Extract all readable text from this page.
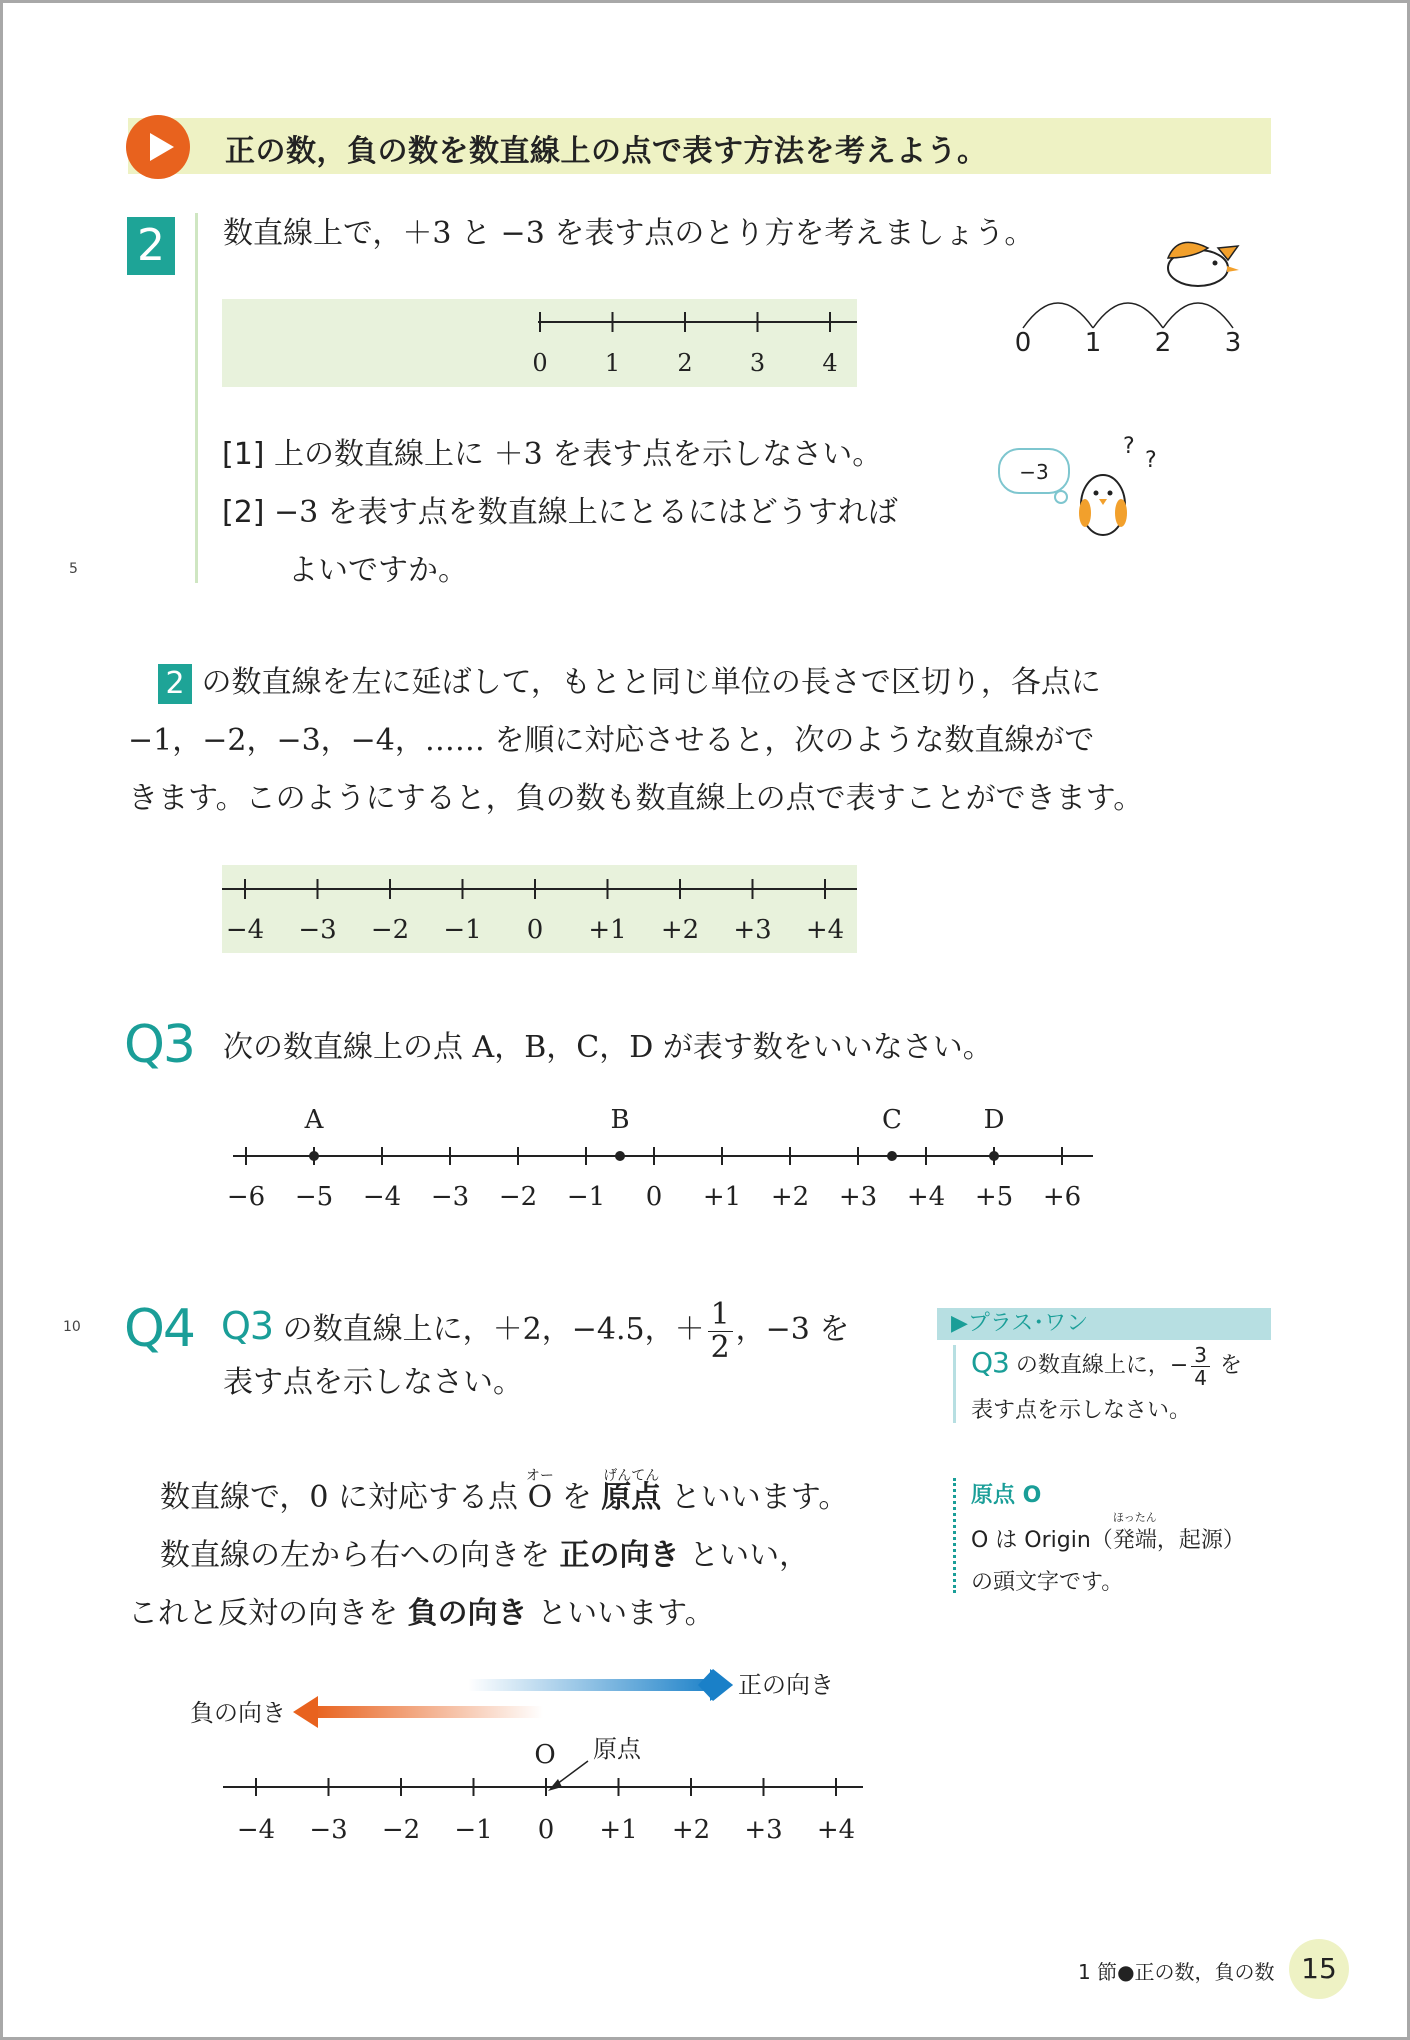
正の数，負の数を数直線上の点で表す方法を考えよう。
2	数直線上で，＋3 と −3 を表す点のとり方を考えましょう。
0 1 2 3 4
0 1 2 3
[1] 上の数直線上に ＋3 を表す点を示しなさい。
[2] −3 を表す点を数直線上にとるにはどうすれば
よいですか。
−3
?
?
5
2 の数直線を左に延ばして，もとと同じ単位の長さで区切り，各点に
−1，−2，−3，−4，…… を順に対応させると，次のような数直線がで
きます。このようにすると，負の数も数直線上の点で表すことができます。
−4 −3 −2 −1 0 +1 +2 +3 +4
Q3 次の数直線上の点 A，B，C，D が表す数をいいなさい。
A	B	C	D
−6 −5 −4 −3 −2 −1 0 +1 +2 +3 +4 +5 +6
10 Q4 Q3 の数直線上に，＋2，−4.5，＋ $\frac{1}{2}$ ，−3 を
表す点を示しなさい。
▶プラス･ワン
Q3 の数直線上に，− $\frac{3}{4}$ を
表す点を示しなさい。
数直線で，0 に対応する点 O
オー
を 原点
げんてん
といいます。
数直線の左から右への向きを 正の向き といい，
これと反対の向きを 負の向き といいます。
原点 O
O は Origin（発端
ほったん
，起源）
の頭文字です。
正の向き
負の向き
O 原点
−4 −3 −2 −1 0 +1 +2 +3 +4
1 節●正の数，負の数 15
